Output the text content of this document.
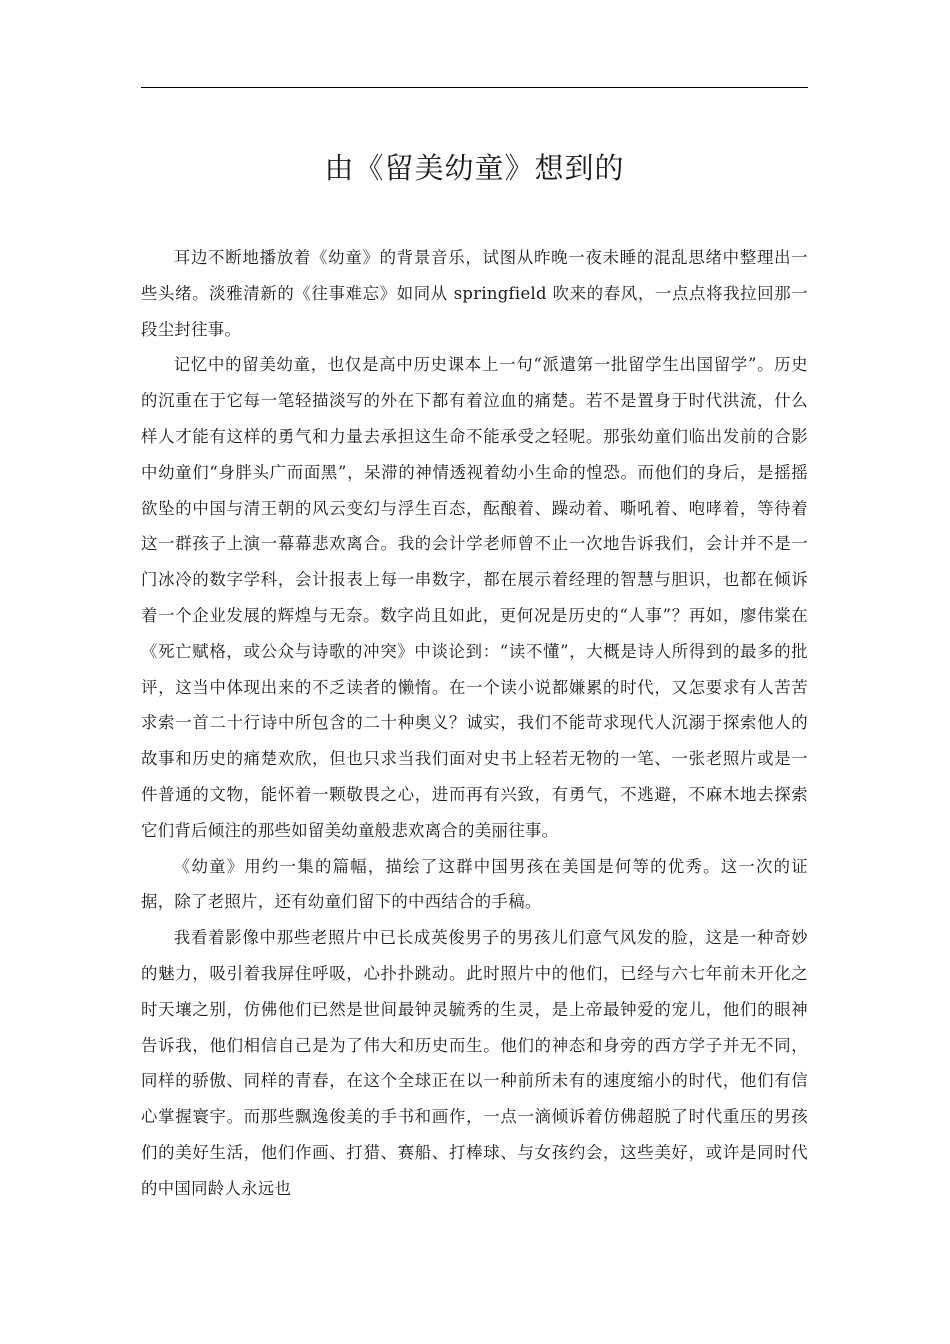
由《留美幼童》想到的

耳边不断地播放着《幼童》的背景音乐，试图从昨晚一夜未睡的混乱思绪中整理出一些头绪。淡雅清新的《往事难忘》如同从 springfield 吹来的春风，一点点将我拉回那一段尘封往事。

记忆中的留美幼童，也仅是高中历史课本上一句“派遣第一批留学生出国留学”。历史的沉重在于它每一笔轻描淡写的外在下都有着泣血的痛楚。若不是置身于时代洪流，什么样人才能有这样的勇气和力量去承担这生命不能承受之轻呢。那张幼童们临出发前的合影中幼童们“身胖头广而面黑”，呆滞的神情透视着幼小生命的惶恐。而他们的身后，是摇摇欲坠的中国与清王朝的风云变幻与浮生百态，酝酿着、躁动着、嘶吼着、咆哮着，等待着这一群孩子上演一幕幕悲欢离合。我的会计学老师曾不止一次地告诉我们，会计并不是一门冰冷的数字学科，会计报表上每一串数字，都在展示着经理的智慧与胆识，也都在倾诉着一个企业发展的辉煌与无奈。数字尚且如此，更何况是历史的“人事”？再如，廖伟棠在《死亡赋格，或公众与诗歌的冲突》中谈论到：“读不懂”，大概是诗人所得到的最多的批评，这当中体现出来的不乏读者的懒惰。在一个读小说都嫌累的时代，又怎要求有人苦苦求索一首二十行诗中所包含的二十种奥义？诚实，我们不能苛求现代人沉溺于探索他人的故事和历史的痛楚欢欣，但也只求当我们面对史书上轻若无物的一笔、一张老照片或是一件普通的文物，能怀着一颗敬畏之心，进而再有兴致，有勇气，不逃避，不麻木地去探索它们背后倾注的那些如留美幼童般悲欢离合的美丽往事。

《幼童》用约一集的篇幅，描绘了这群中国男孩在美国是何等的优秀。这一次的证据，除了老照片，还有幼童们留下的中西结合的手稿。

我看着影像中那些老照片中已长成英俊男子的男孩儿们意气风发的脸，这是一种奇妙的魅力，吸引着我屏住呼吸，心扑扑跳动。此时照片中的他们，已经与六七年前未开化之时天壤之别，仿佛他们已然是世间最钟灵毓秀的生灵，是上帝最钟爱的宠儿，他们的眼神告诉我，他们相信自己是为了伟大和历史而生。他们的神态和身旁的西方学子并无不同，同样的骄傲、同样的青春，在这个全球正在以一种前所未有的速度缩小的时代，他们有信心掌握寰宇。而那些飘逸俊美的手书和画作，一点一滴倾诉着仿佛超脱了时代重压的男孩们的美好生活，他们作画、打猎、赛船、打棒球、与女孩约会，这些美好，或许是同时代的中国同龄人永远也
